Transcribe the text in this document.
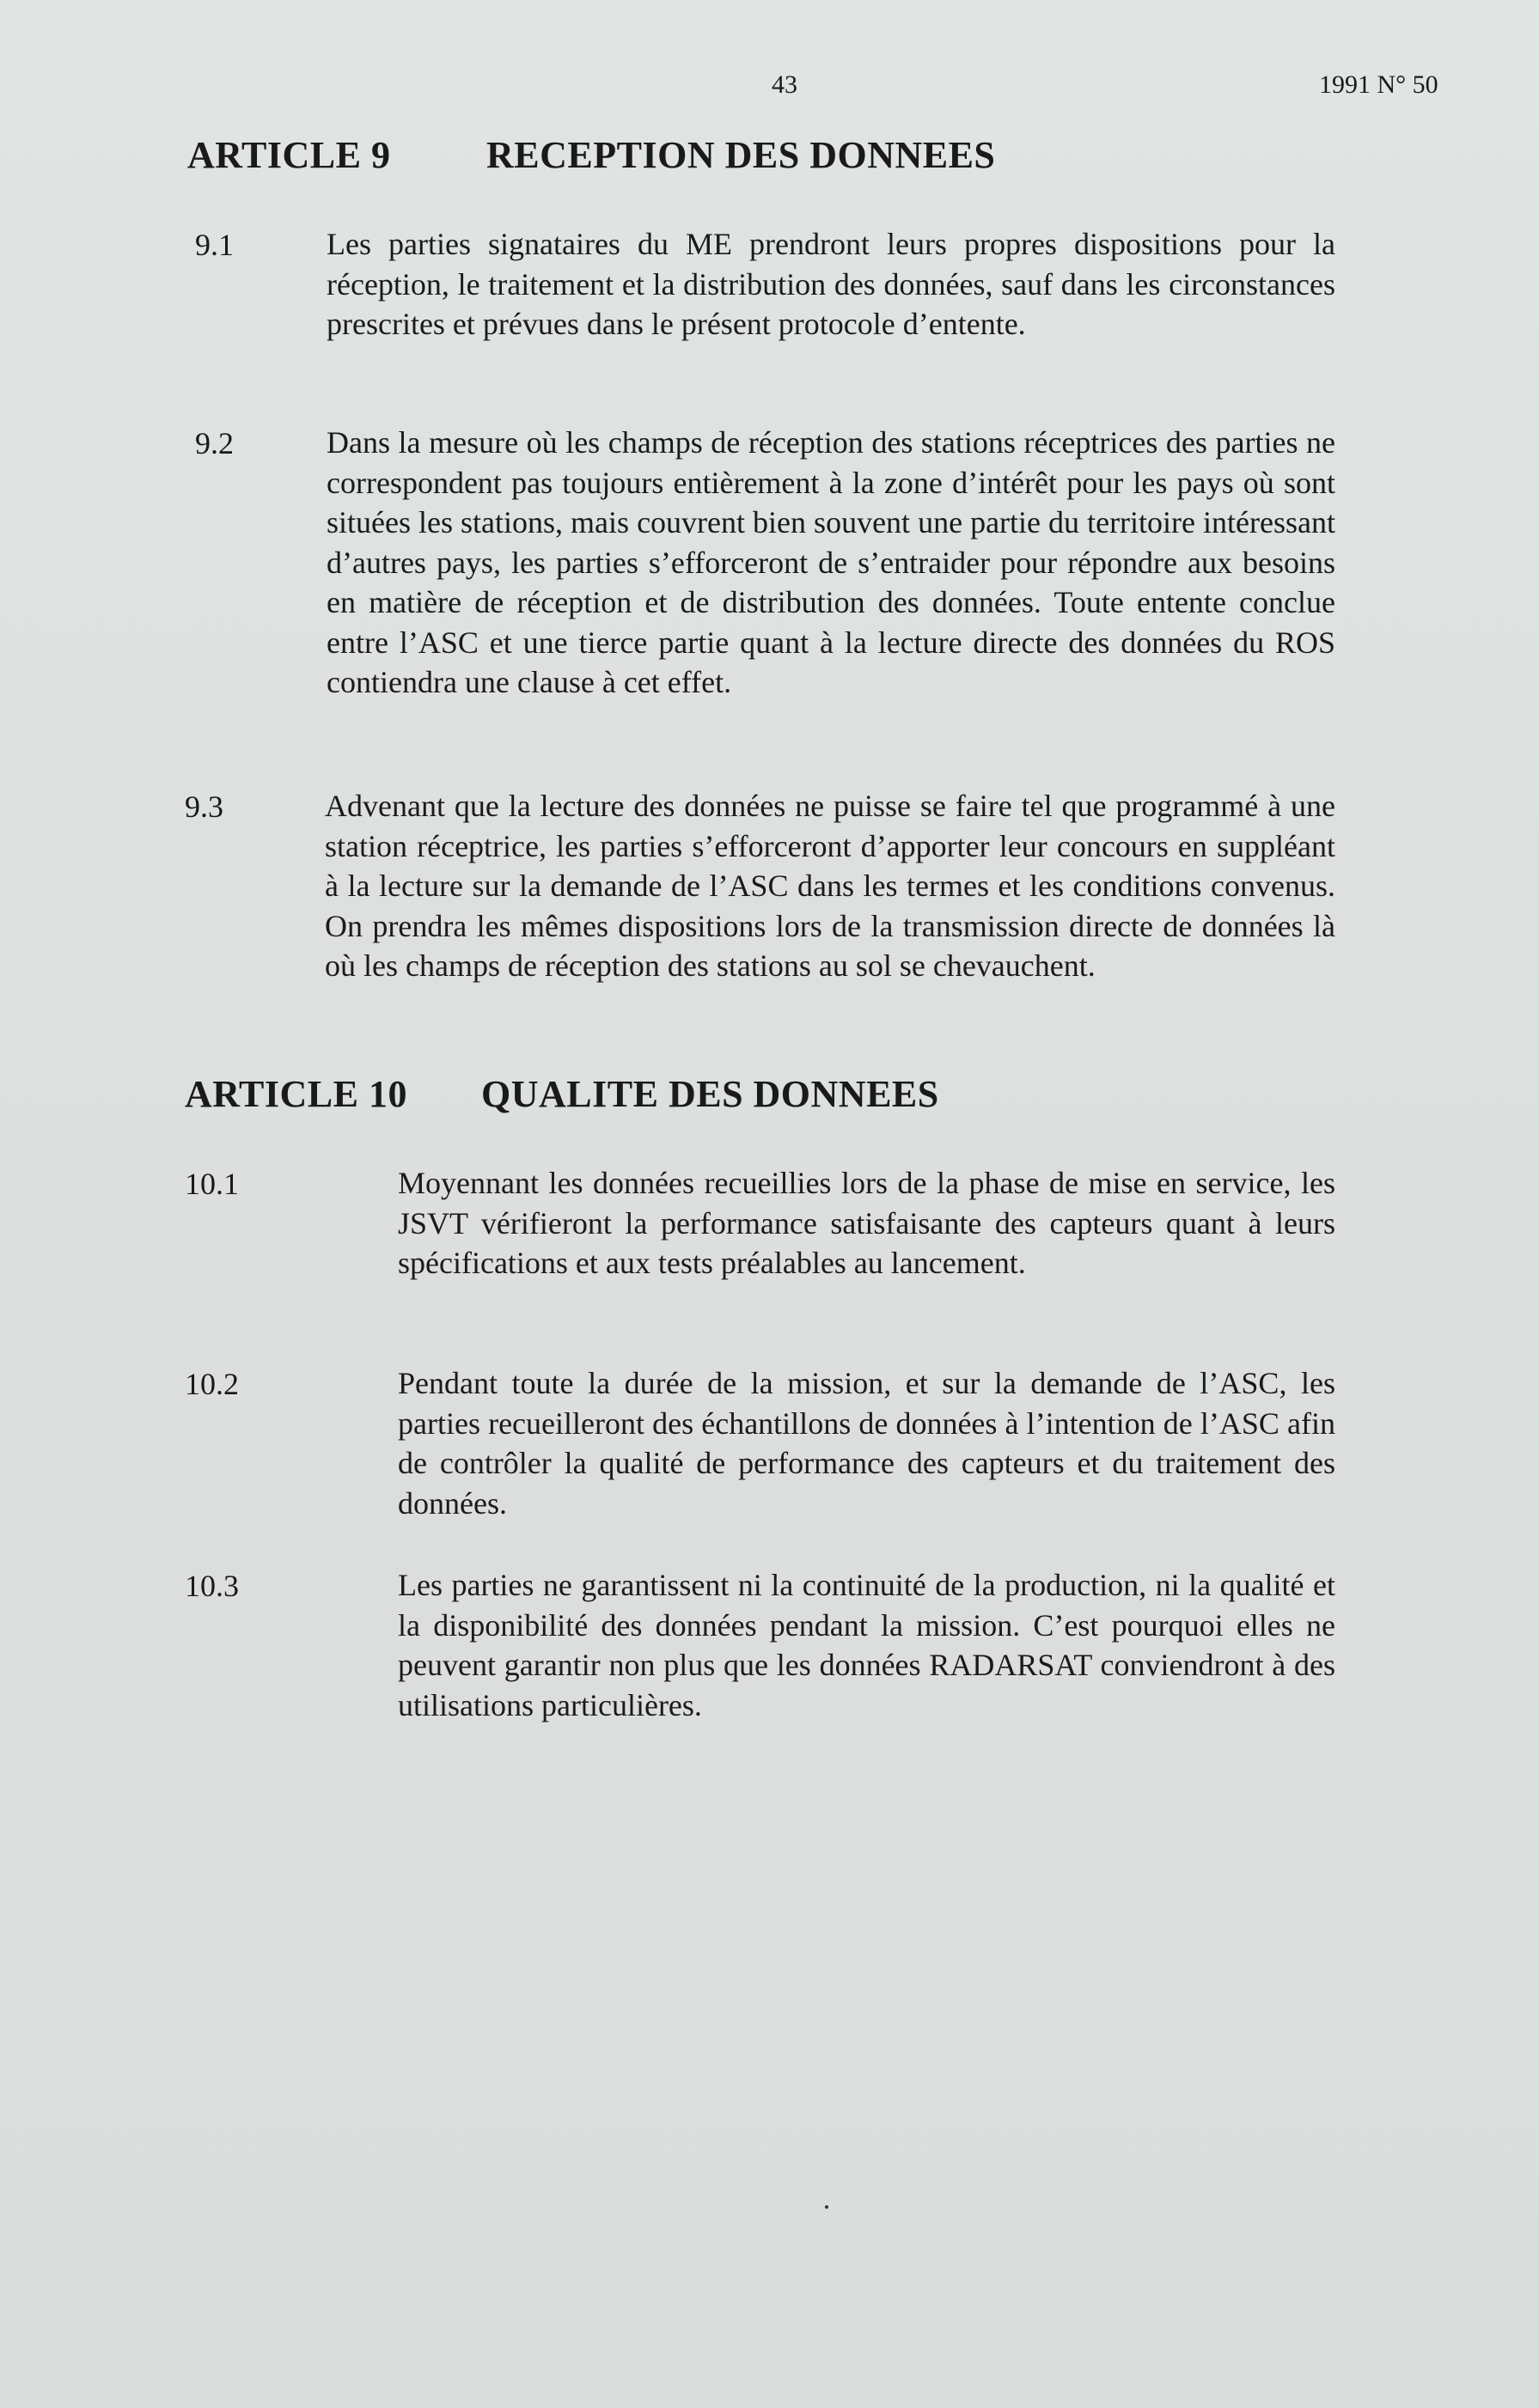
43	1991 N° 50
ARTICLE 9	RECEPTION DES DONNEES
9.1	Les parties signataires du ME prendront leurs propres dispositions pour la réception, le traitement et la distribution des données, sauf dans les circonstances prescrites et prévues dans le présent protocole d’entente.
9.2	Dans la mesure où les champs de réception des stations réceptrices des parties ne correspondent pas toujours entièrement à la zone d’intérêt pour les pays où sont situées les stations, mais couvrent bien souvent une partie du territoire intéressant d’autres pays, les parties s’efforceront de s’entraider pour répondre aux besoins en matière de réception et de distribution des données. Toute entente conclue entre l’ASC et une tierce partie quant à la lecture directe des données du ROS contiendra une clause à cet effet.
9.3	Advenant que la lecture des données ne puisse se faire tel que programmé à une station réceptrice, les parties s’efforceront d’apporter leur concours en suppléant à la lecture sur la demande de l’ASC dans les termes et les conditions convenus. On prendra les mêmes dispositions lors de la transmission directe de données là où les champs de réception des stations au sol se chevauchent.
ARTICLE 10 QUALITE DES DONNEES
10.1	Moyennant les données recueillies lors de la phase de mise en service, les JSVT vérifieront la performance satisfaisante des capteurs quant à leurs spécifications et aux tests préalables au lancement.
10.2	Pendant toute la durée de la mission, et sur la demande de l’ASC, les parties recueilleront des échantillons de données à l’intention de l’ASC afin de contrôler la qualité de performance des capteurs et du traitement des données.
10.3	Les parties ne garantissent ni la continuité de la production, ni la qualité et la disponibilité des données pendant la mission. C’est pourquoi elles ne peuvent garantir non plus que les données RADARSAT conviendront à des utilisations particulières.
